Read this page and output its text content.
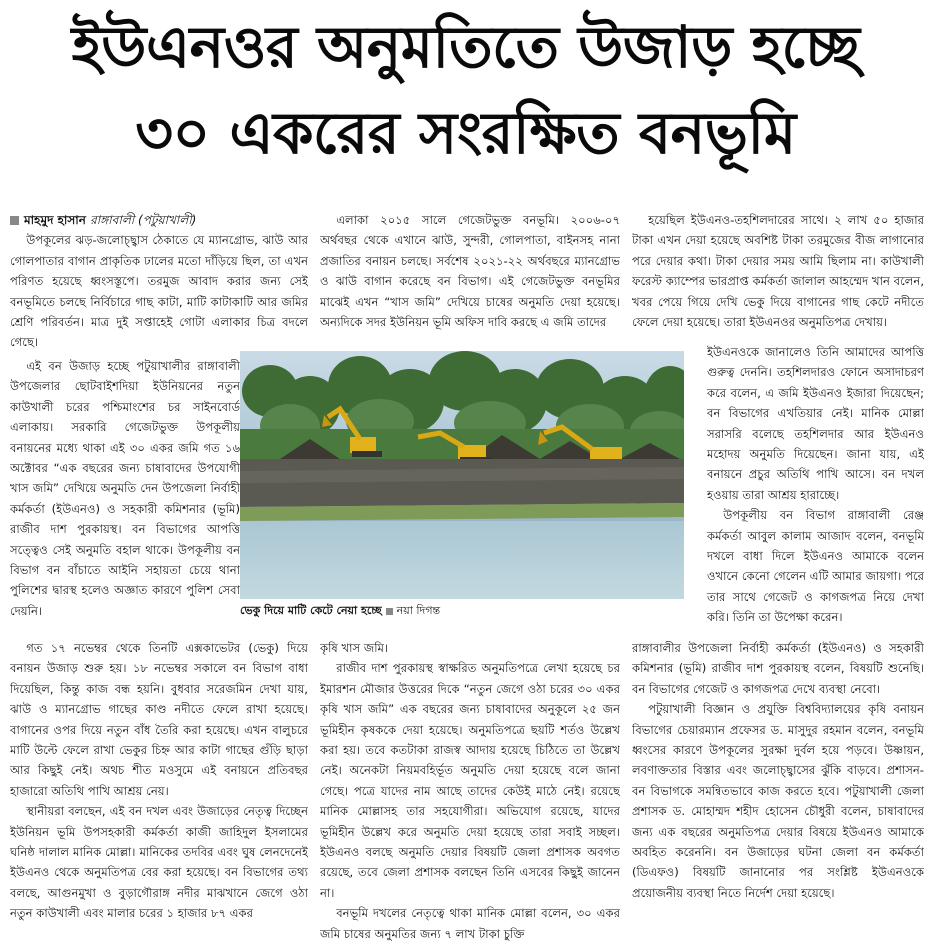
ইউএনওর অনুমতিতে উজাড় হচ্ছে
৩০ একরের সংরক্ষিত বনভূমি

মাহমুদ হাসান রাঙ্গাবালী (পটুয়াখালী)

উপকূলের ঝড়-জলোচ্ছ্বাস ঠেকাতে যে ম্যানগ্রোভ, ঝাউ আর গোলপাতার বাগান প্রাকৃতিক ঢালের মতো দাঁড়িয়ে ছিল, তা এখন পরিণত হয়েছে ধ্বংসস্তূপে। তরমুজ আবাদ করার জন্য সেই বনভূমিতে চলছে নির্বিচারে গাছ কাটা, মাটি কাটাকাটি আর জমির শ্রেণি পরিবর্তন। মাত্র দুই সপ্তাহেই গোটা এলাকার চিত্র বদলে গেছে।

এই বন উজাড় হচ্ছে পটুয়াখালীর রাঙ্গাবালী উপজেলার ছোটবাইশদিয়া ইউনিয়নের নতুন কাউখালী চরের পশ্চিমাংশের চর সাইনবোর্ড এলাকায়। সরকারি গেজেটভুক্ত উপকূলীয় বনায়নের মধ্যে থাকা এই ৩০ একর জমি গত ১৬ অক্টোবর “এক বছরের জন্য চাষাবাদের উপযোগী খাস জমি” দেখিয়ে অনুমতি দেন উপজেলা নির্বাহী কর্মকর্তা (ইউএনও) ও সহকারী কমিশনার (ভূমি) রাজীব দাশ পুরকায়স্থ। বন বিভাগের আপত্তি সত্ত্বেও সেই অনুমতি বহাল থাকে। উপকূলীয় বন বিভাগ বন বাঁচাতে আইনি সহায়তা চেয়ে থানা পুলিশের দ্বারস্থ হলেও অজ্ঞাত কারণে পুলিশ সেবা দেয়নি।

গত ১৭ নভেম্বর থেকে তিনটি এক্সকাভেটর (ভেকু) দিয়ে বনায়ন উজাড় শুরু হয়। ১৮ নভেম্বর সকালে বন বিভাগ বাধা দিয়েছিল, কিন্তু কাজ বন্ধ হয়নি। বুধবার সরেজমিন দেখা যায়, ঝাউ ও ম্যানগ্রোভ গাছের কাণ্ড নদীতে ফেলে রাখা হয়েছে। বাগানের ওপর দিয়ে নতুন বাঁধ তৈরি করা হয়েছে। এখন বালুচরে মাটি উল্টে ফেলে রাখা ভেকুর চিহ্ন আর কাটা গাছের গুঁড়ি ছাড়া আর কিছুই নেই। অথচ শীত মওসুমে এই বনায়নে প্রতিবছর হাজারো অতিথি পাখি আশ্রয় নেয়।

স্থানীয়রা বলছেন, এই বন দখল এবং উজাড়ের নেতৃত্ব দিচ্ছেন ইউনিয়ন ভূমি উপসহকারী কর্মকর্তা কাজী জাহিদুল ইসলামের ঘনিষ্ঠ দালাল মানিক মোল্লা। মানিকের তদবির এবং ঘুষ লেনদেনেই ইউএনও থেকে অনুমতিপত্র বের করা হয়েছে। বন বিভাগের তথ্য বলছে, আগুনমুখা ও বুড়াগৌরাঙ্গ নদীর মাঝখানে জেগে ওঠা নতুন কাউখালী এবং মালার চরের ১ হাজার ৮৭ একর

এলাকা ২০১৫ সালে গেজেটভুক্ত বনভূমি। ২০০৬-০৭ অর্থবছর থেকে এখানে ঝাউ, সুন্দরী, গোলপাতা, বাইনসহ নানা প্রজাতির বনায়ন চলছে। সর্বশেষ ২০২১-২২ অর্থবছরে ম্যানগ্রোভ ও ঝাউ বাগান করেছে বন বিভাগ। এই গেজেটভুক্ত বনভূমির মাঝেই এখন “খাস জমি” দেখিয়ে চাষের অনুমতি দেয়া হয়েছে। অন্যদিকে সদর ইউনিয়ন ভূমি অফিস দাবি করছে এ জমি তাদের

কৃষি খাস জমি।

রাজীব দাশ পুরকায়স্থ স্বাক্ষরিত অনুমতিপত্রে লেখা হয়েছে চর ইমারশন মৌজার উত্তরের দিকে “নতুন জেগে ওঠা চরের ৩০ একর কৃষি খাস জমি” এক বছরের জন্য চাষাবাদের অনুকূলে ২৫ জন ভূমিহীন কৃষককে দেয়া হয়েছে। অনুমতিপত্রে ছয়টি শর্তও উল্লেখ করা হয়। তবে কতটাকা রাজস্ব আদায় হয়েছে চিঠিতে তা উল্লেখ নেই। অনেকটা নিয়মবহির্ভূত অনুমতি দেয়া হয়েছে বলে জানা গেছে। পত্রে যাদের নাম আছে তাদের কেউই মাঠে নেই। রয়েছে মানিক মোল্লাসহ তার সহযোগীরা। অভিযোগ রয়েছে, যাদের ভূমিহীন উল্লেখ করে অনুমতি দেয়া হয়েছে তারা সবাই সচ্ছল। ইউএনও বলছে অনুমতি দেয়ার বিষয়টি জেলা প্রশাসক অবগত রয়েছে, তবে জেলা প্রশাসক বলছেন তিনি এসবের কিছুই জানেন না।

বনভূমি দখলের নেতৃত্বে থাকা মানিক মোল্লা বলেন, ৩০ একর জমি চাষের অনুমতির জন্য ৭ লাখ টাকা চুক্তি

হয়েছিল ইউএনও-তহশিলদারের সাথে। ২ লাখ ৫০ হাজার টাকা এখন দেয়া হয়েছে অবশিষ্ট টাকা তরমুজের বীজ লাগানোর পরে দেয়ার কথা। টাকা দেয়ার সময় আমি ছিলাম না। কাউখালী ফরেস্ট ক্যাম্পের ভারপ্রাপ্ত কর্মকর্তা জালাল আহম্মেদ খান বলেন, খবর পেয়ে গিয়ে দেখি ভেকু দিয়ে বাগানের গাছ কেটে নদীতে ফেলে দেয়া হয়েছে। তারা ইউএনওর অনুমতিপত্র দেখায়।

ইউএনওকে জানালেও তিনি আমাদের আপত্তি গুরুত্ব দেননি। তহশিলদারও ফোনে অসাদাচরণ করে বলেন, এ জমি ইউএনও ইজারা দিয়েছেন; বন বিভাগের এখতিয়ার নেই। মানিক মোল্লা সরাসরি বলেছে তহশিলদার আর ইউএনও মহোদয় অনুমতি দিয়েছেন। জানা যায়, এই বনায়নে প্রচুর অতিথি পাখি আসে। বন দখল হওয়ায় তারা আশ্রয় হারাচ্ছে।

উপকূলীয় বন বিভাগ রাঙ্গাবালী রেঞ্জ কর্মকর্তা আবুল কালাম আজাদ বলেন, বনভূমি দখলে বাধা দিলে ইউএনও আমাকে বলেন ওখানে কেনো গেলেন এটি আমার জায়গা। পরে তার সাথে গেজেট ও কাগজপত্র নিয়ে দেখা করি। তিনি তা উপেক্ষা করেন।

রাঙ্গাবালীর উপজেলা নির্বাহী কর্মকর্তা (ইউএনও) ও সহকারী কমিশনার (ভূমি) রাজীব দাশ পুরকায়স্থ বলেন, বিষয়টি শুনেছি। বন বিভাগের গেজেট ও কাগজপত্র দেখে ব্যবস্থা নেবো।

পটুয়াখালী বিজ্ঞান ও প্রযুক্তি বিশ্ববিদ্যালয়ের কৃষি বনায়ন বিভাগের চেয়ারম্যান প্রফেসর ড. মাসুদুর রহমান বলেন, বনভূমি ধ্বংসের কারণে উপকূলের সুরক্ষা দুর্বল হয়ে পড়বে। উষ্ণায়ন, লবণাক্ততার বিস্তার এবং জলোচ্ছ্বাসের ঝুঁকি বাড়বে। প্রশাসন-বন বিভাগকে সমন্বিতভাবে কাজ করতে হবে। পটুয়াখালী জেলা প্রশাসক ড. মোহাম্মদ শহীদ হোসেন চৌধুরী বলেন, চাষাবাদের জন্য এক বছরের অনুমতিপত্র দেয়ার বিষয়ে ইউএনও আমাকে অবহিত করেননি। বন উজাড়ের ঘটনা জেলা বন কর্মকর্তা (ডিএফও) বিষয়টি জানানোর পর সংশ্লিষ্ট ইউএনওকে প্রয়োজনীয় ব্যবস্থা নিতে নির্দেশ দেয়া হয়েছে।

ভেকু দিয়ে মাটি কেটে নেয়া হচ্ছে নয়া দিগন্ত
